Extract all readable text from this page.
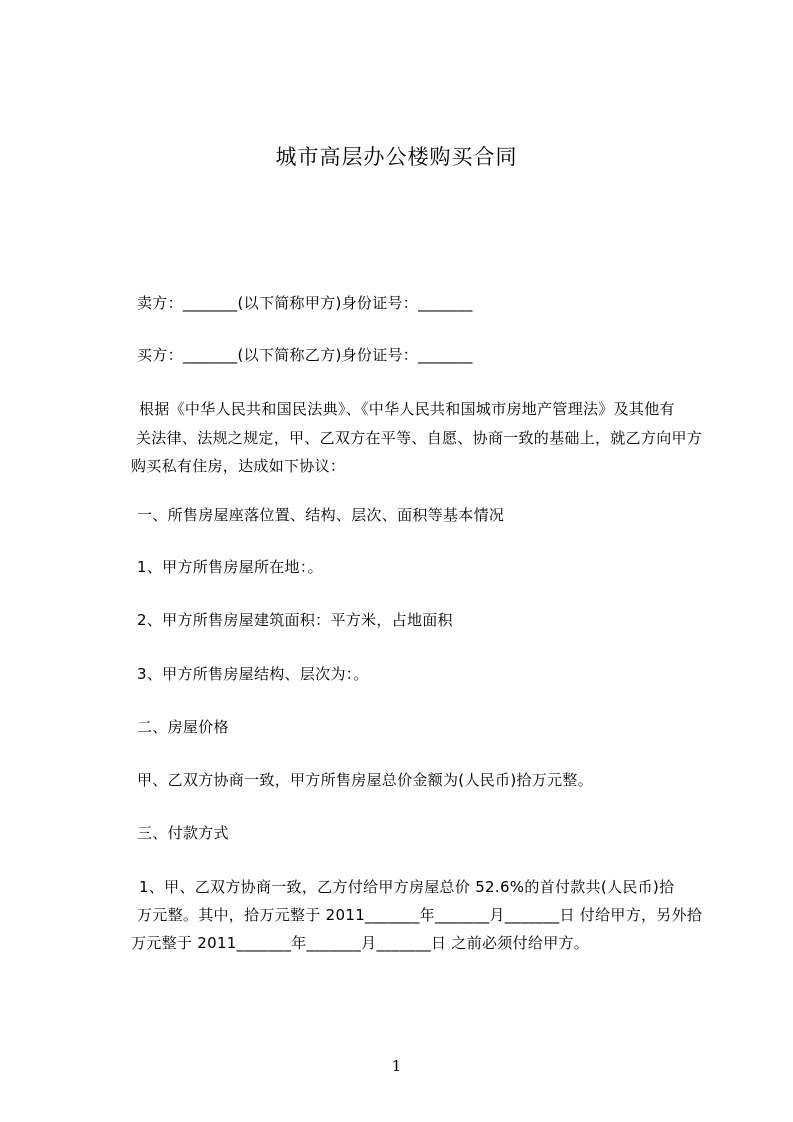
城市高层办公楼购买合同
卖方：_______(以下简称甲方)身份证号：_______
买方：_______(以下简称乙方)身份证号：_______
根据《中华人民共和国民法典》、《中华人民共和国城市房地产管理法》及其他有
关法律、法规之规定，甲、乙双方在平等、自愿、协商一致的基础上，就乙方向甲方
购买私有住房，达成如下协议：
一、所售房屋座落位置、结构、层次、面积等基本情况
1、甲方所售房屋所在地：。
2、甲方所售房屋建筑面积：平方米，占地面积
3、甲方所售房屋结构、层次为：。
二、房屋价格
甲、乙双方协商一致，甲方所售房屋总价金额为(人民币)拾万元整。
三、付款方式
1、甲、乙双方协商一致，乙方付给甲方房屋总价 52.6%的首付款共(人民币)拾
万元整。其中，拾万元整于 2011_______年_______月_______日 付给甲方，另外拾
万元整于 2011_______年_______月_______日 之前必须付给甲方。
1
